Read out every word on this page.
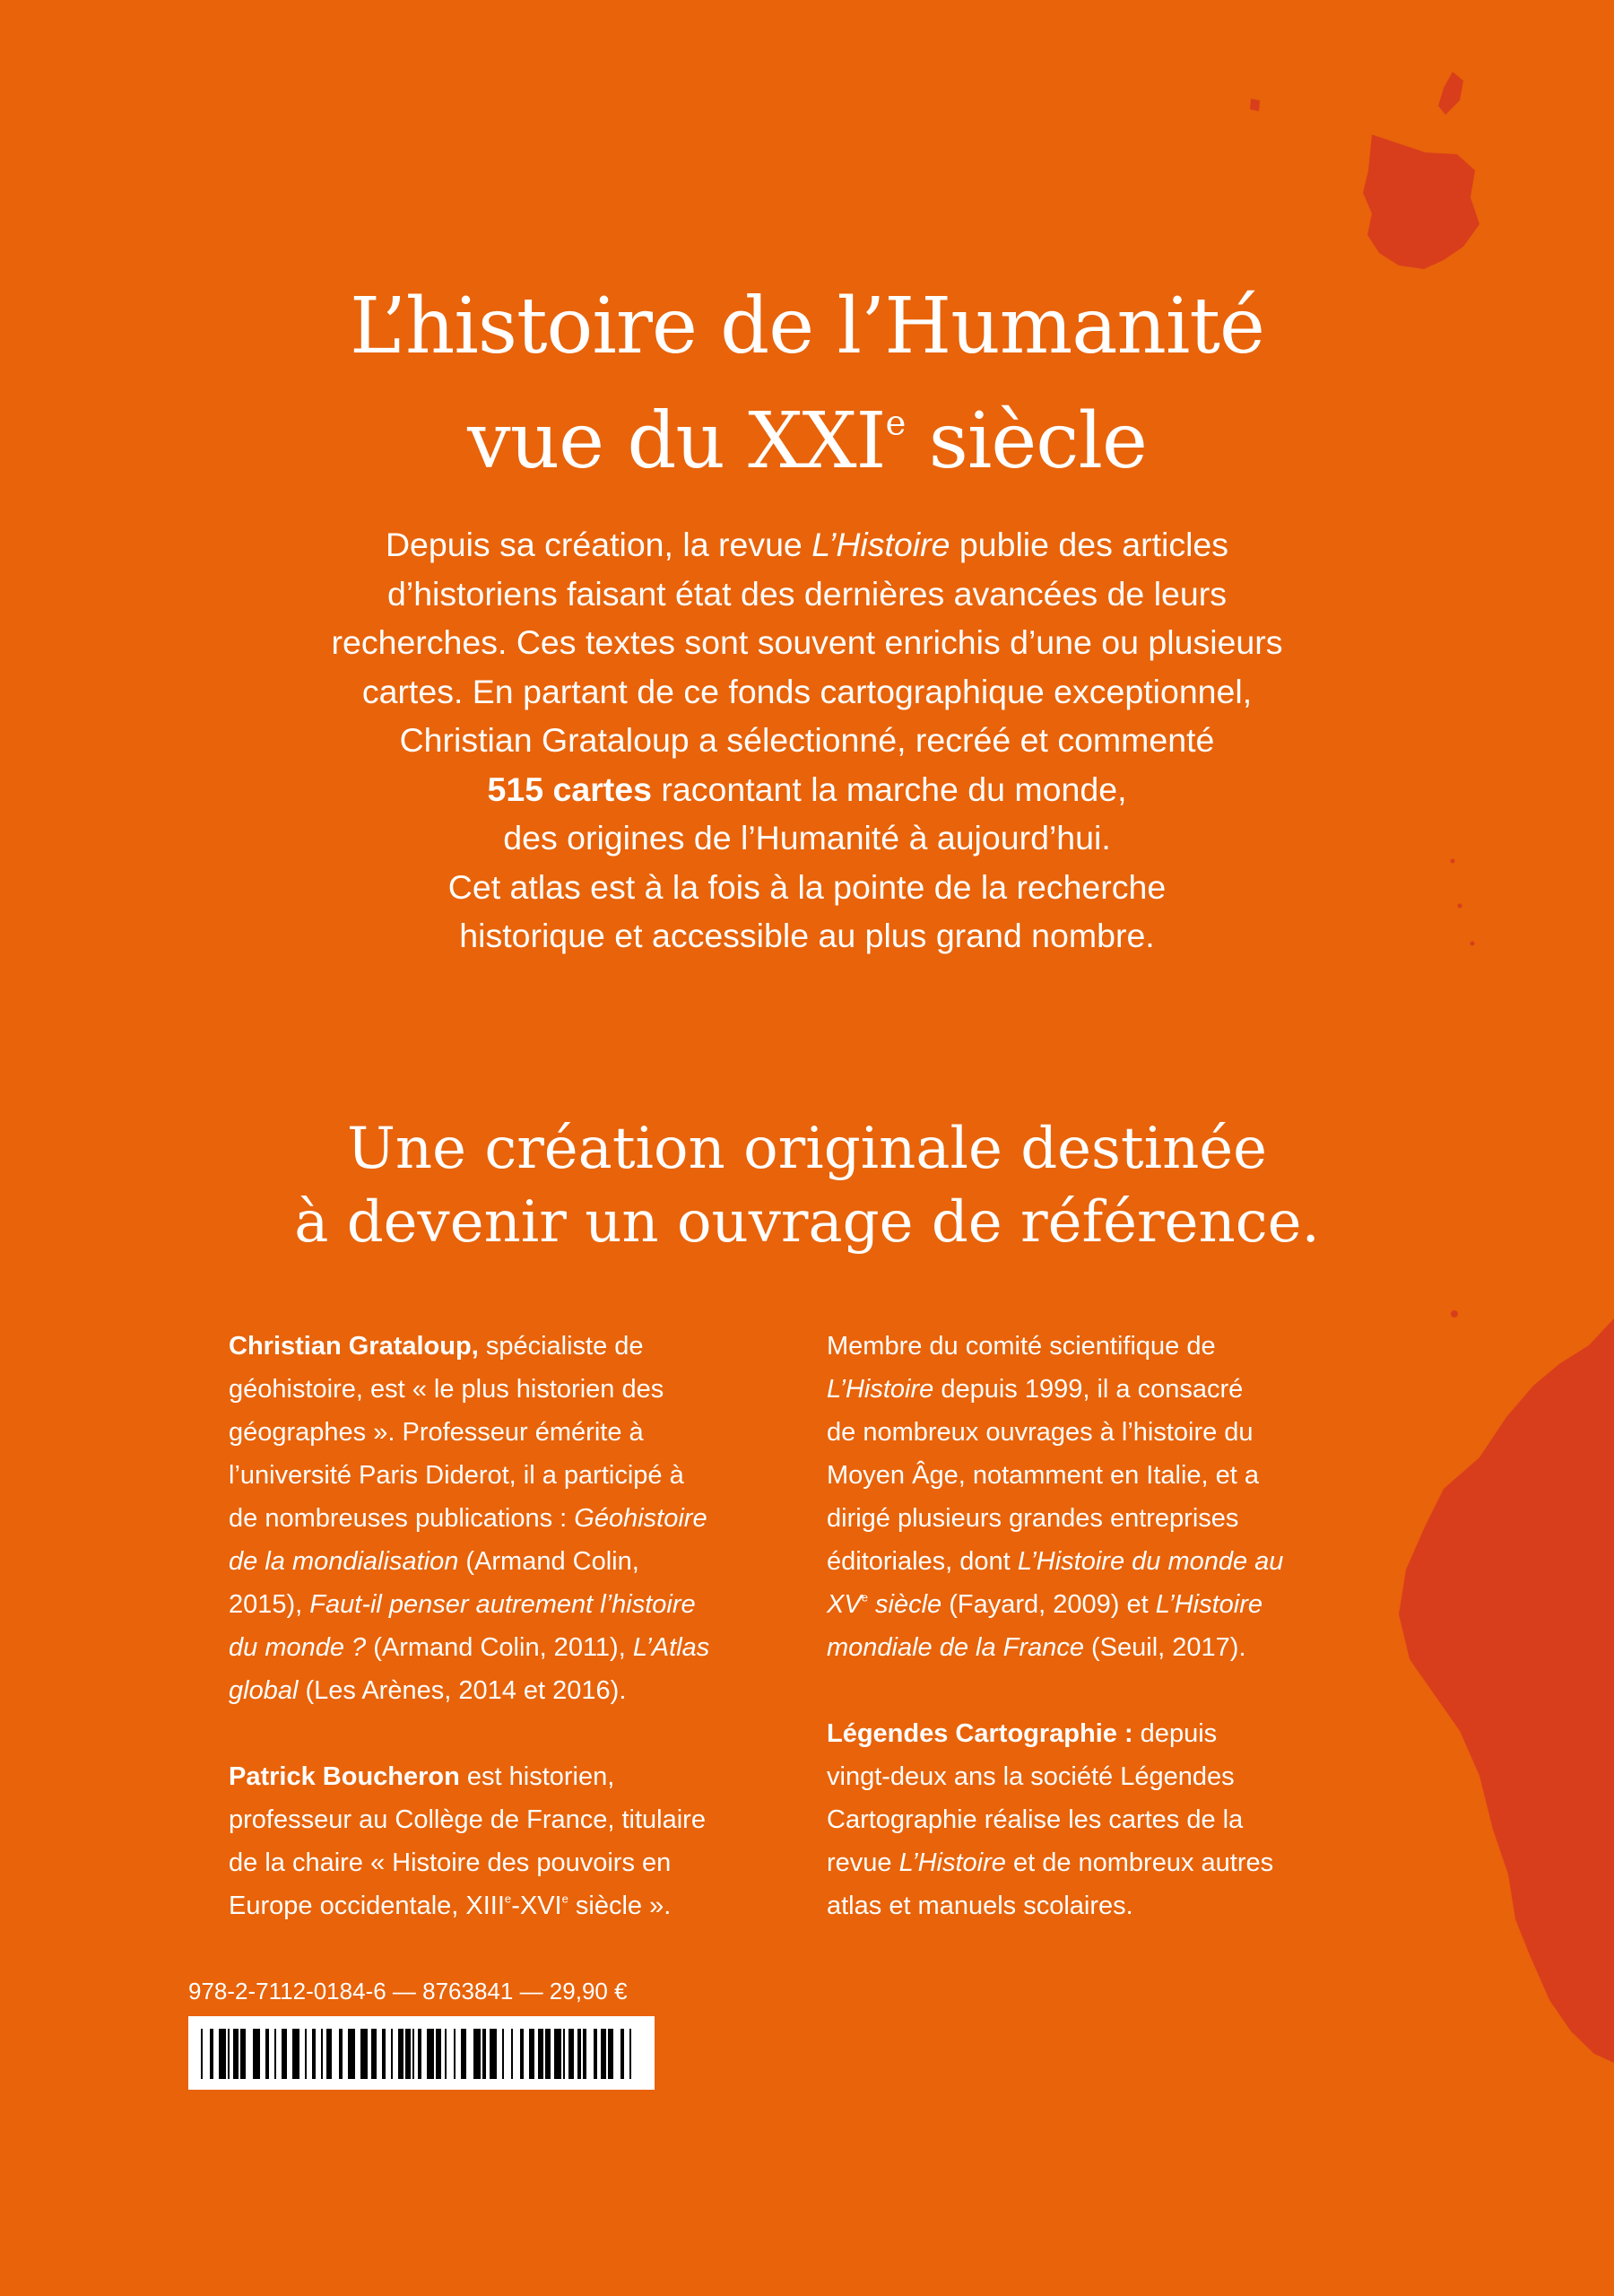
L’histoire de l’Humanité
vue du XXIe siècle
Depuis sa création, la revue L’Histoire publie des articles
d’historiens faisant état des dernières avancées de leurs
recherches. Ces textes sont souvent enrichis d’une ou plusieurs
cartes. En partant de ce fonds cartographique exceptionnel,
Christian Grataloup a sélectionné, recréé et commenté
515 cartes racontant la marche du monde,
des origines de l’Humanité à aujourd’hui.
Cet atlas est à la fois à la pointe de la recherche
historique et accessible au plus grand nombre.
Une création originale destinée
à devenir un ouvrage de référence.

Christian Grataloup, spécialiste de
géohistoire, est « le plus historien des
géographes ». Professeur émérite à
l’université Paris Diderot, il a participé à
de nombreuses publications : Géohistoire
de la mondialisation (Armand Colin,
2015), Faut-il penser autrement l’histoire
du monde ? (Armand Colin, 2011), L’Atlas
global (Les Arènes, 2014 et 2016).

Patrick Boucheron est historien,
professeur au Collège de France, titulaire
de la chaire « Histoire des pouvoirs en
Europe occidentale, XIIIe-XVIe siècle ».

Membre du comité scientifique de
L’Histoire depuis 1999, il a consacré
de nombreux ouvrages à l’histoire du
Moyen Âge, notamment en Italie, et a
dirigé plusieurs grandes entreprises
éditoriales, dont L’Histoire du monde au
XVe siècle (Fayard, 2009) et L’Histoire
mondiale de la France (Seuil, 2017).

Légendes Cartographie : depuis
vingt-deux ans la société Légendes
Cartographie réalise les cartes de la
revue L’Histoire et de nombreux autres
atlas et manuels scolaires.

978-2-7112-0184-6 — 8763841 — 29,90 €
